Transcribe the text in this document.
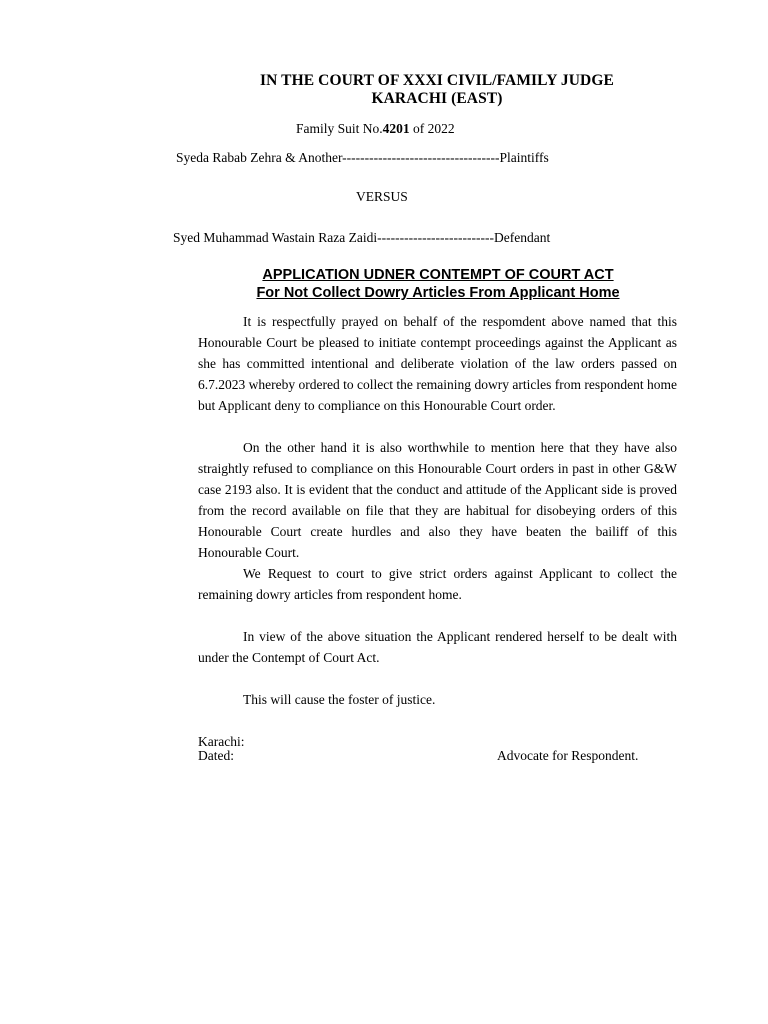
IN THE COURT OF XXXI CIVIL/FAMILY JUDGE
KARACHI (EAST)
Family Suit No.4201 of 2022
Syeda Rabab Zehra & Another-----------------------------------Plaintiffs
VERSUS
Syed Muhammad Wastain Raza Zaidi--------------------------Defendant
APPLICATION UDNER CONTEMPT OF COURT ACT
For Not Collect Dowry Articles From Applicant Home

It is respectfully prayed on behalf of the respomdent above named that this Honourable Court be pleased to initiate contempt proceedings against the Applicant as she has committed intentional and deliberate violation of the law orders passed on 6.7.2023 whereby ordered to collect the remaining dowry articles from respondent home but Applicant deny to compliance on this Honourable Court order.

On the other hand it is also worthwhile to mention here that they have also straightly refused to compliance on this Honourable Court orders in past in other G&W case 2193 also. It is evident that the conduct and attitude of the Applicant side is proved from the record available on file that they are habitual for disobeying orders of this Honourable Court create hurdles and also they have beaten the bailiff of this Honourable Court.

We Request to court to give strict orders against Applicant to collect the remaining dowry articles from respondent home.

In view of the above situation the Applicant rendered herself to be dealt with under the Contempt of Court Act.

This will cause the foster of justice.

Karachi:
Dated:	Advocate for Respondent.
